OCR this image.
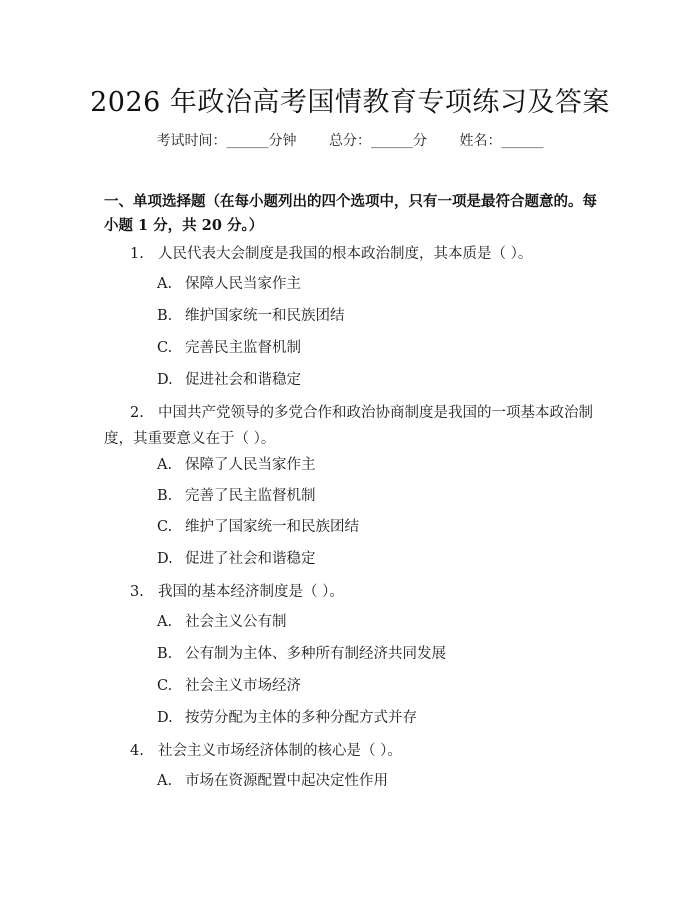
2026 年政治高考国情教育专项练习及答案
考试时间：______分钟 总分：______分 姓名：______
一、单项选择题（在每小题列出的四个选项中，只有一项是最符合题意的。每小题 1 分，共 20 分。）
1. 人民代表大会制度是我国的根本政治制度，其本质是（ ）。
A. 保障人民当家作主
B. 维护国家统一和民族团结
C. 完善民主监督机制
D. 促进社会和谐稳定
2. 中国共产党领导的多党合作和政治协商制度是我国的一项基本政治制度，其重要意义在于（ ）。
A. 保障了人民当家作主
B. 完善了民主监督机制
C. 维护了国家统一和民族团结
D. 促进了社会和谐稳定
3. 我国的基本经济制度是（ ）。
A. 社会主义公有制
B. 公有制为主体、多种所有制经济共同发展
C. 社会主义市场经济
D. 按劳分配为主体的多种分配方式并存
4. 社会主义市场经济体制的核心是（ ）。
A. 市场在资源配置中起决定性作用
